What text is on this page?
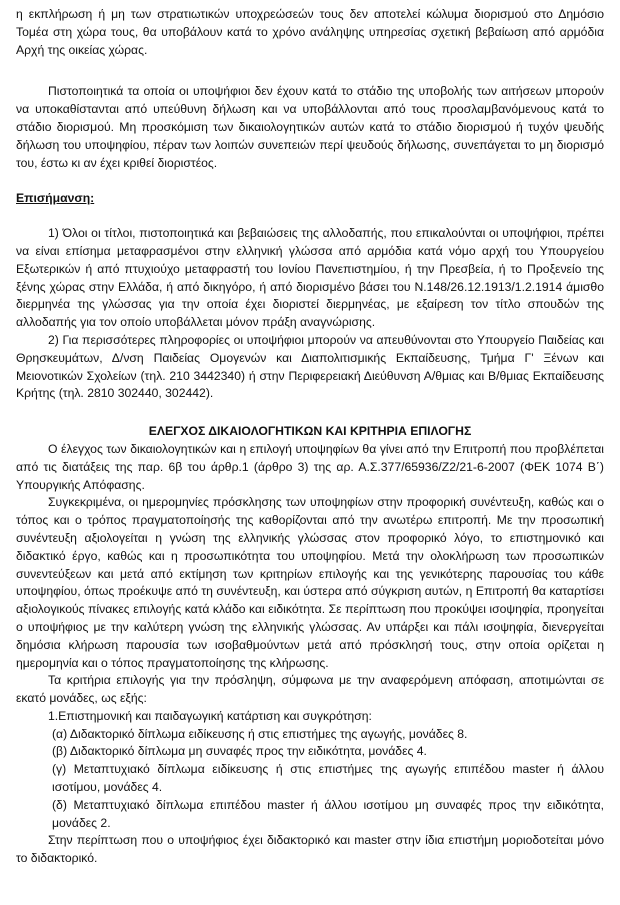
η εκπλήρωση ή μη των στρατιωτικών υποχρεώσεών τους δεν αποτελεί κώλυμα διορισμού στο Δημόσιο Τομέα στη χώρα τους, θα υποβάλουν κατά το χρόνο ανάληψης υπηρεσίας σχετική βεβαίωση από αρμόδια Αρχή της οικείας χώρας.

Πιστοποιητικά τα οποία οι υποψήφιοι δεν έχουν κατά το στάδιο της υποβολής των αιτήσεων μπορούν να υποκαθίστανται από υπεύθυνη δήλωση και να υποβάλλονται από τους προσλαμβανόμενους κατά το στάδιο διορισμού. Μη προσκόμιση των δικαιολογητικών αυτών κατά το στάδιο διορισμού ή τυχόν ψευδής δήλωση του υποψηφίου, πέραν των λοιπών συνεπειών περί ψευδούς δήλωσης, συνεπάγεται το μη διορισμό του, έστω κι αν έχει κριθεί διοριστέος.

Επισήμανση:

1) Όλοι οι τίτλοι, πιστοποιητικά και βεβαιώσεις της αλλοδαπής, που επικαλούνται οι υποψήφιοι, πρέπει να είναι επίσημα μεταφρασμένοι στην ελληνική γλώσσα από αρμόδια κατά νόμο αρχή του Υπουργείου Εξωτερικών ή από πτυχιούχο μεταφραστή του Ιονίου Πανεπιστημίου, ή την Πρεσβεία, ή το Προξενείο της ξένης χώρας στην Ελλάδα, ή από δικηγόρο, ή από διορισμένο βάσει του Ν.148/26.12.1913/1.2.1914 άμισθο διερμηνέα της γλώσσας για την οποία έχει διοριστεί διερμηνέας, με εξαίρεση τον τίτλο σπουδών της αλλοδαπής για τον οποίο υποβάλλεται μόνον πράξη αναγνώρισης.

2) Για περισσότερες πληροφορίες οι υποψήφιοι μπορούν να απευθύνονται στο Υπουργείο Παιδείας και Θρησκευμάτων, Δ/νση Παιδείας Ομογενών και Διαπολιτισμικής Εκπαίδευσης, Τμήμα Γ' Ξένων και Μειονοτικών Σχολείων (τηλ. 210 3442340) ή στην Περιφερειακή Διεύθυνση Α/θμιας και Β/θμιας Εκπαίδευσης Κρήτης (τηλ. 2810 302440, 302442).

ΕΛΕΓΧΟΣ ΔΙΚΑΙΟΛΟΓΗΤΙΚΩΝ ΚΑΙ ΚΡΙΤΗΡΙΑ ΕΠΙΛΟΓΗΣ

Ο έλεγχος των δικαιολογητικών και η επιλογή υποψηφίων θα γίνει από την Επιτροπή που προβλέπεται από τις διατάξεις της παρ. 6β του άρθρ.1 (άρθρο 3) της αρ. Α.Σ.377/65936/Ζ2/21-6-2007 (ΦΕΚ 1074 Β΄) Υπουργικής Απόφασης.

Συγκεκριμένα, οι ημερομηνίες πρόσκλησης των υποψηφίων στην προφορική συνέντευξη, καθώς και ο τόπος και ο τρόπος πραγματοποίησής της καθορίζονται από την ανωτέρω επιτροπή. Με την προσωπική συνέντευξη αξιολογείται η γνώση της ελληνικής γλώσσας στον προφορικό λόγο, το επιστημονικό και διδακτικό έργο, καθώς και η προσωπικότητα του υποψηφίου. Μετά την ολοκλήρωση των προσωπικών συνεντεύξεων και μετά από εκτίμηση των κριτηρίων επιλογής και της γενικότερης παρουσίας του κάθε υποψηφίου, όπως προέκυψε από τη συνέντευξη, και ύστερα από σύγκριση αυτών, η Επιτροπή θα καταρτίσει αξιολογικούς πίνακες επιλογής κατά κλάδο και ειδικότητα. Σε περίπτωση που προκύψει ισοψηφία, προηγείται ο υποψήφιος με την καλύτερη γνώση της ελληνικής γλώσσας. Αν υπάρξει και πάλι ισοψηφία, διενεργείται δημόσια κλήρωση παρουσία των ισοβαθμούντων μετά από πρόσκλησή τους, στην οποία ορίζεται η ημερομηνία και ο τόπος πραγματοποίησης της κλήρωσης.

Τα κριτήρια επιλογής για την πρόσληψη, σύμφωνα με την αναφερόμενη απόφαση, αποτιμώνται σε εκατό μονάδες, ως εξής:

1.Επιστημονική και παιδαγωγική κατάρτιση και συγκρότηση:

(α) Διδακτορικό δίπλωμα ειδίκευσης ή στις επιστήμες της αγωγής, μονάδες 8.

(β) Διδακτορικό δίπλωμα μη συναφές προς την ειδικότητα, μονάδες 4.

(γ) Μεταπτυχιακό δίπλωμα ειδίκευσης ή στις επιστήμες της αγωγής επιπέδου master ή άλλου ισοτίμου, μονάδες 4.

(δ) Μεταπτυχιακό δίπλωμα επιπέδου master ή άλλου ισοτίμου μη συναφές προς την ειδικότητα, μονάδες 2.

Στην περίπτωση που ο υποψήφιος έχει διδακτορικό και master στην ίδια επιστήμη μοριοδοτείται μόνο το διδακτορικό.
